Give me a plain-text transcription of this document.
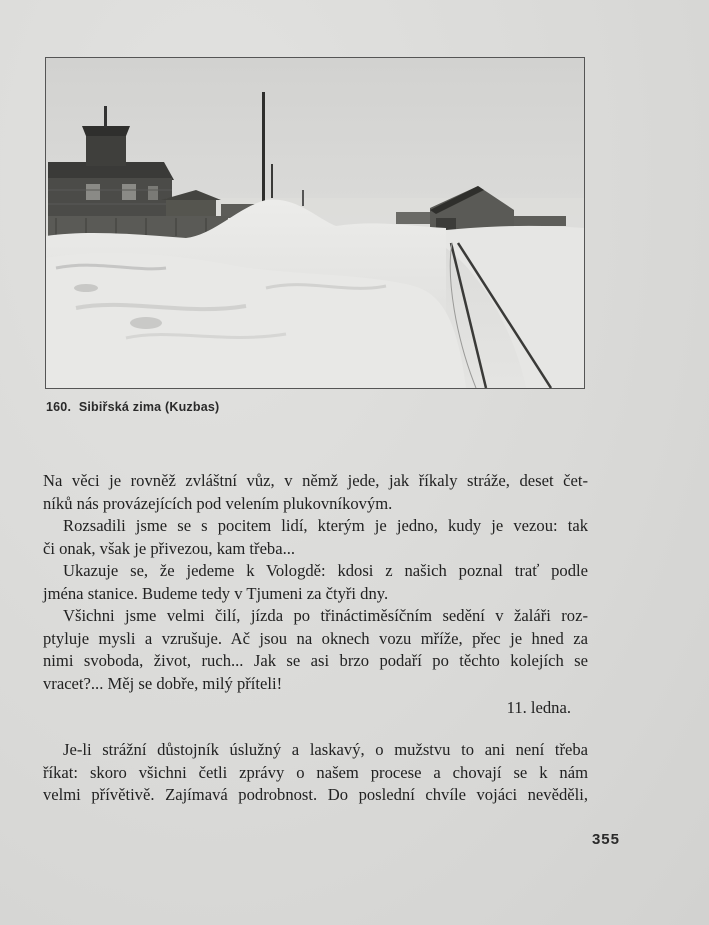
160. Sibiřská zima (Kuzbas)
Na věci je rovněž zvláštní vůz, v němž jede, jak říkaly stráže, deset čet-
níků nás provázejících pod velením plukovníkovým.
Rozsadili jsme se s pocitem lidí, kterým je jedno, kudy je vezou: tak
či onak, však je přivezou, kam třeba...
Ukazuje se, že jedeme k Vologdě: kdosi z našich poznal trať podle
jména stanice. Budeme tedy v Tjumeni za čtyři dny.
Všichni jsme velmi čilí, jízda po třináctiměsíčním sedění v žaláři roz-
ptyluje mysli a vzrušuje. Ač jsou na oknech vozu mříže, přec je hned za
nimi svoboda, život, ruch... Jak se asi brzo podaří po těchto kolejích se
vracet?... Měj se dobře, milý příteli!
11. ledna.
Je-li strážní důstojník úslužný a laskavý, o mužstvu to ani není třeba
říkat: skoro všichni četli zprávy o našem procese a chovají se k nám
velmi přívětivě. Zajímavá podrobnost. Do poslední chvíle vojáci nevěděli,
355
